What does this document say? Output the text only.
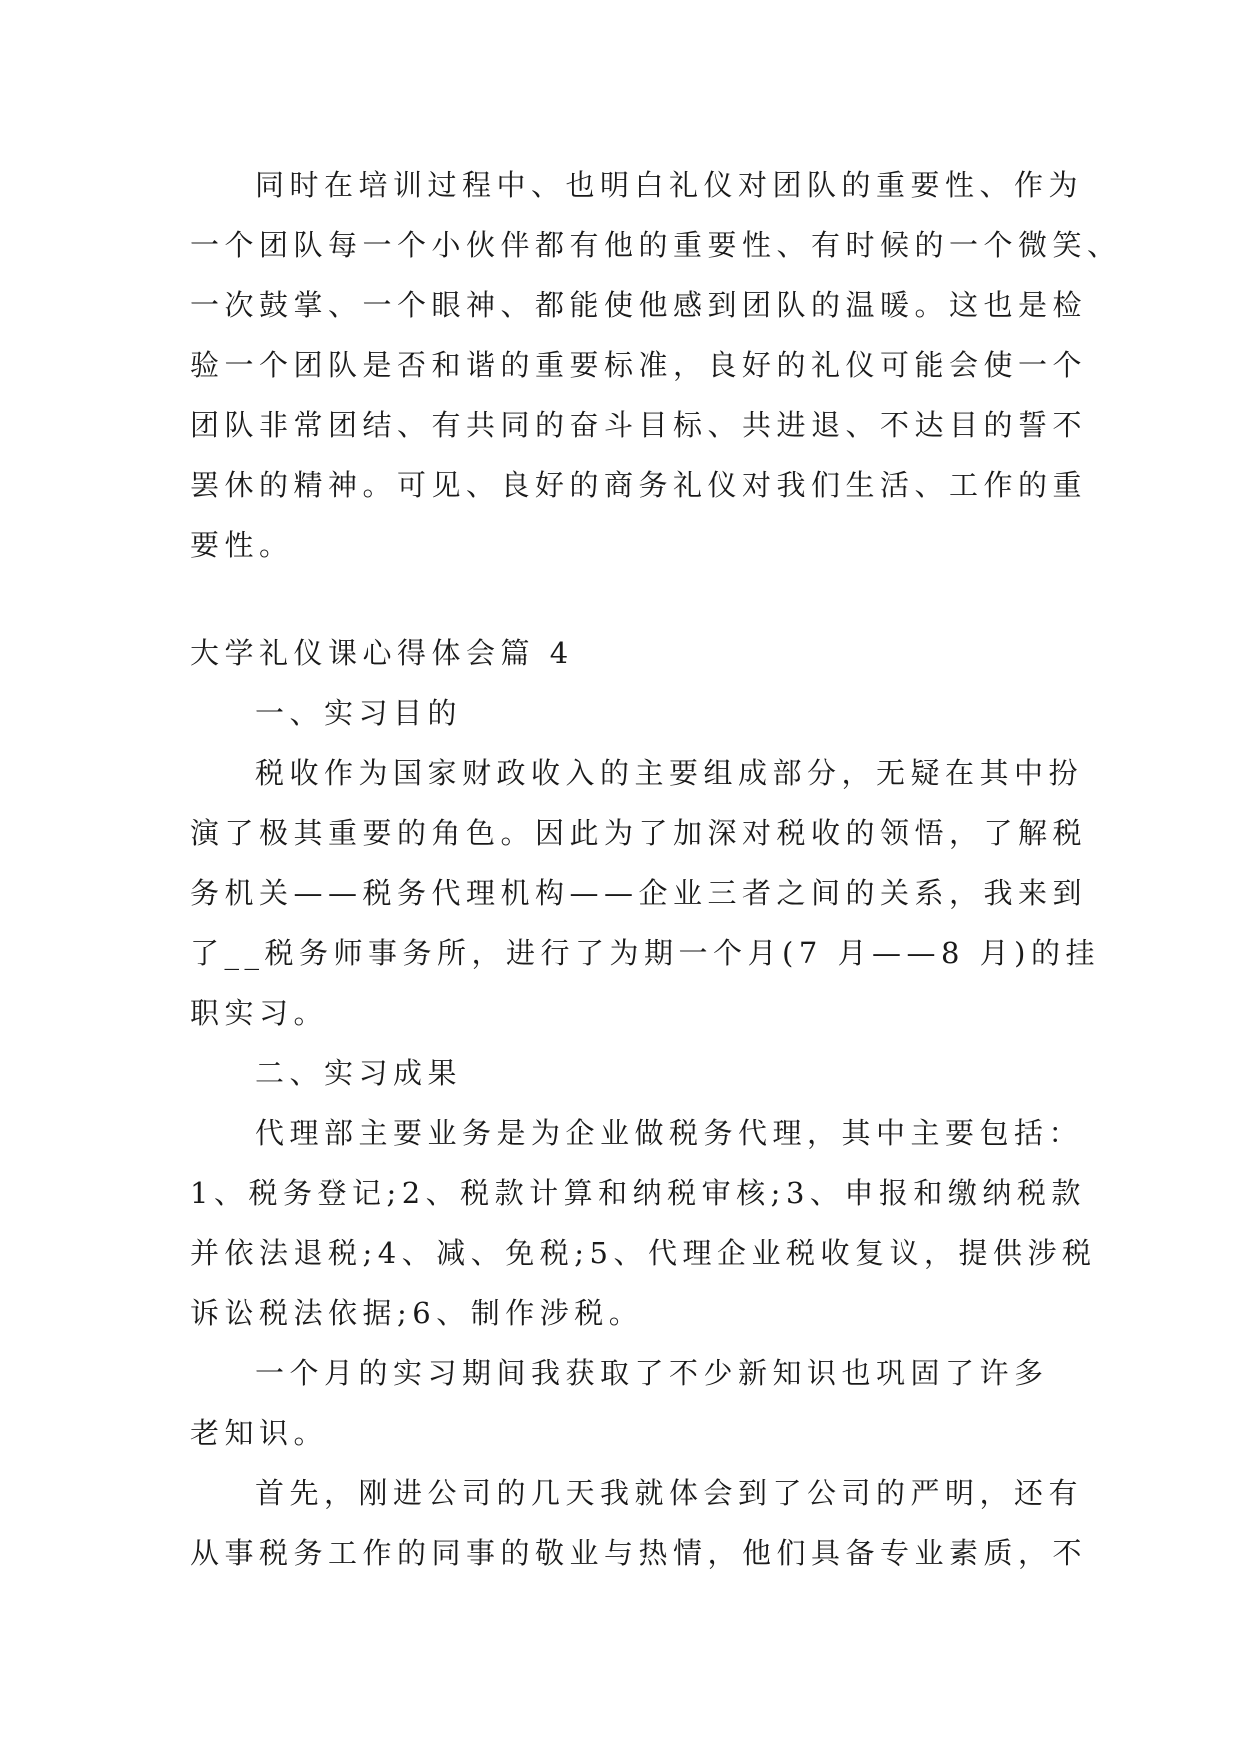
同时在培训过程中、也明白礼仪对团队的重要性、作为
一个团队每一个小伙伴都有他的重要性、有时候的一个微笑、
一次鼓掌、一个眼神、都能使他感到团队的温暖。这也是检
验一个团队是否和谐的重要标准，良好的礼仪可能会使一个
团队非常团结、有共同的奋斗目标、共进退、不达目的誓不
罢休的精神。可见、良好的商务礼仪对我们生活、工作的重
要性。
大学礼仪课心得体会篇 4
一、实习目的
税收作为国家财政收入的主要组成部分，无疑在其中扮
演了极其重要的角色。因此为了加深对税收的领悟，了解税
务机关——税务代理机构——企业三者之间的关系，我来到
了__税务师事务所，进行了为期一个月(7 月——8 月)的挂
职实习。
二、实习成果
代理部主要业务是为企业做税务代理，其中主要包括：
1、税务登记;2、税款计算和纳税审核;3、申报和缴纳税款
并依法退税;4、减、免税;5、代理企业税收复议，提供涉税
诉讼税法依据;6、制作涉税。
一个月的实习期间我获取了不少新知识也巩固了许多
老知识。
首先，刚进公司的几天我就体会到了公司的严明，还有
从事税务工作的同事的敬业与热情，他们具备专业素质，不
